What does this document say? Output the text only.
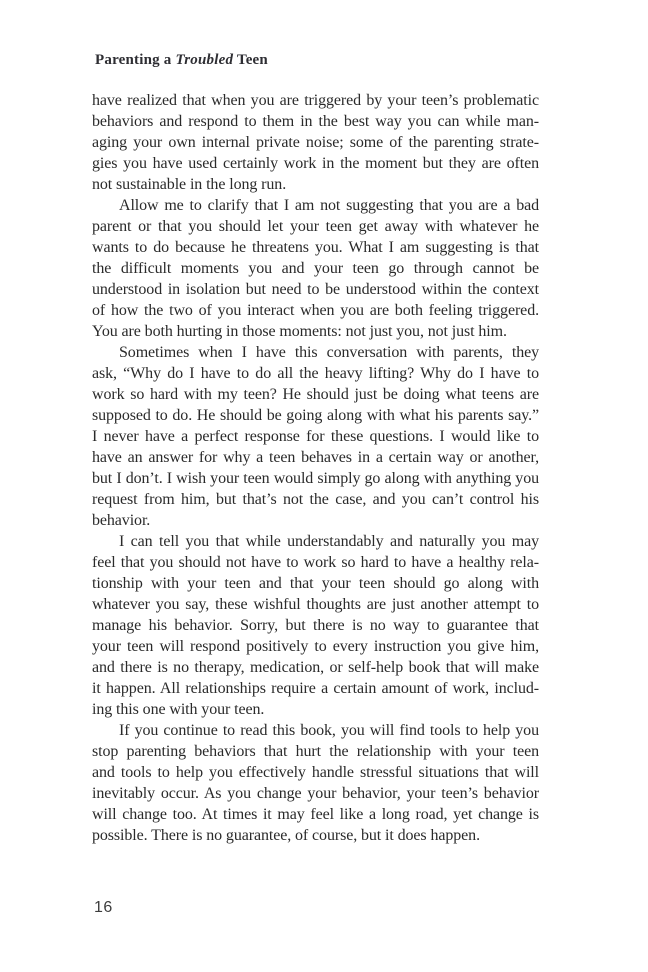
Parenting a Troubled Teen

have realized that when you are triggered by your teen’s problematic
behaviors and respond to them in the best way you can while man-
aging your own internal private noise; some of the parenting strate-
gies you have used certainly work in the moment but they are often
not sustainable in the long run.

Allow me to clarify that I am not suggesting that you are a bad
parent or that you should let your teen get away with whatever he
wants to do because he threatens you. What I am suggesting is that
the difficult moments you and your teen go through cannot be
understood in isolation but need to be understood within the context
of how the two of you interact when you are both feeling triggered.
You are both hurting in those moments: not just you, not just him.

Sometimes when I have this conversation with parents, they
ask, “Why do I have to do all the heavy lifting? Why do I have to
work so hard with my teen? He should just be doing what teens are
supposed to do. He should be going along with what his parents say.”
I never have a perfect response for these questions. I would like to
have an answer for why a teen behaves in a certain way or another,
but I don’t. I wish your teen would simply go along with anything you
request from him, but that’s not the case, and you can’t control his
behavior.

I can tell you that while understandably and naturally you may
feel that you should not have to work so hard to have a healthy rela-
tionship with your teen and that your teen should go along with
whatever you say, these wishful thoughts are just another attempt to
manage his behavior. Sorry, but there is no way to guarantee that
your teen will respond positively to every instruction you give him,
and there is no therapy, medication, or self-help book that will make
it happen. All relationships require a certain amount of work, includ-
ing this one with your teen.

If you continue to read this book, you will find tools to help you
stop parenting behaviors that hurt the relationship with your teen
and tools to help you effectively handle stressful situations that will
inevitably occur. As you change your behavior, your teen’s behavior
will change too. At times it may feel like a long road, yet change is
possible. There is no guarantee, of course, but it does happen.

16
